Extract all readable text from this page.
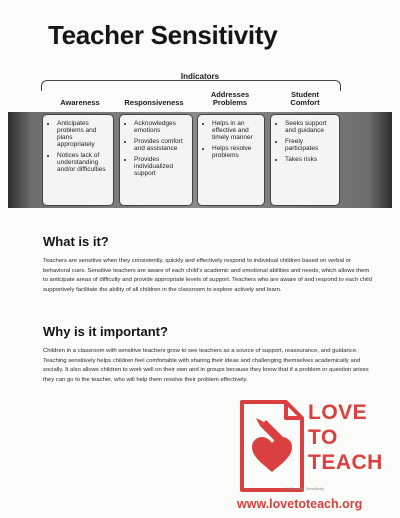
Teacher Sensitivity
Indicators
Awareness	Responsiveness
Addresses Problems
Student Comfort
• Anticipates problems and plans appropriately
• Notices lack of understanding and/or difficulties
• Acknowledges emotions
• Provides comfort and assistance
• Provides individualized support
• Helps in an effective and timely manner
• Helps resolve problems
• Seeks support and guidance
• Freely participates
• Takes risks
What is it?

Teachers are sensitive when they consistently, quickly and effectively respond to individual children based on verbal or behavioral cues. Sensitive teachers are aware of each child's academic and emotional abilities and needs, which allows them to anticipate areas of difficulty and provide appropriate levels of support. Teachers who are aware of and respond to each child supportively facilitate the ability of all children in the classroom to explore actively and learn.

Why is it important?

Children in a classroom with sensitive teachers grow to see teachers as a source of support, reassurance, and guidance. Teaching sensitively helps children feel comfortable with sharing their ideas and challenging themselves academically and socially. It also allows children to work well on their own and in groups because they know that if a problem or question arises they can go to the teacher, who will help them resolve their problem effectively.

LOVE
TO
TEACH
1 | Teacher Sensitivity
www.lovetoteach.org
